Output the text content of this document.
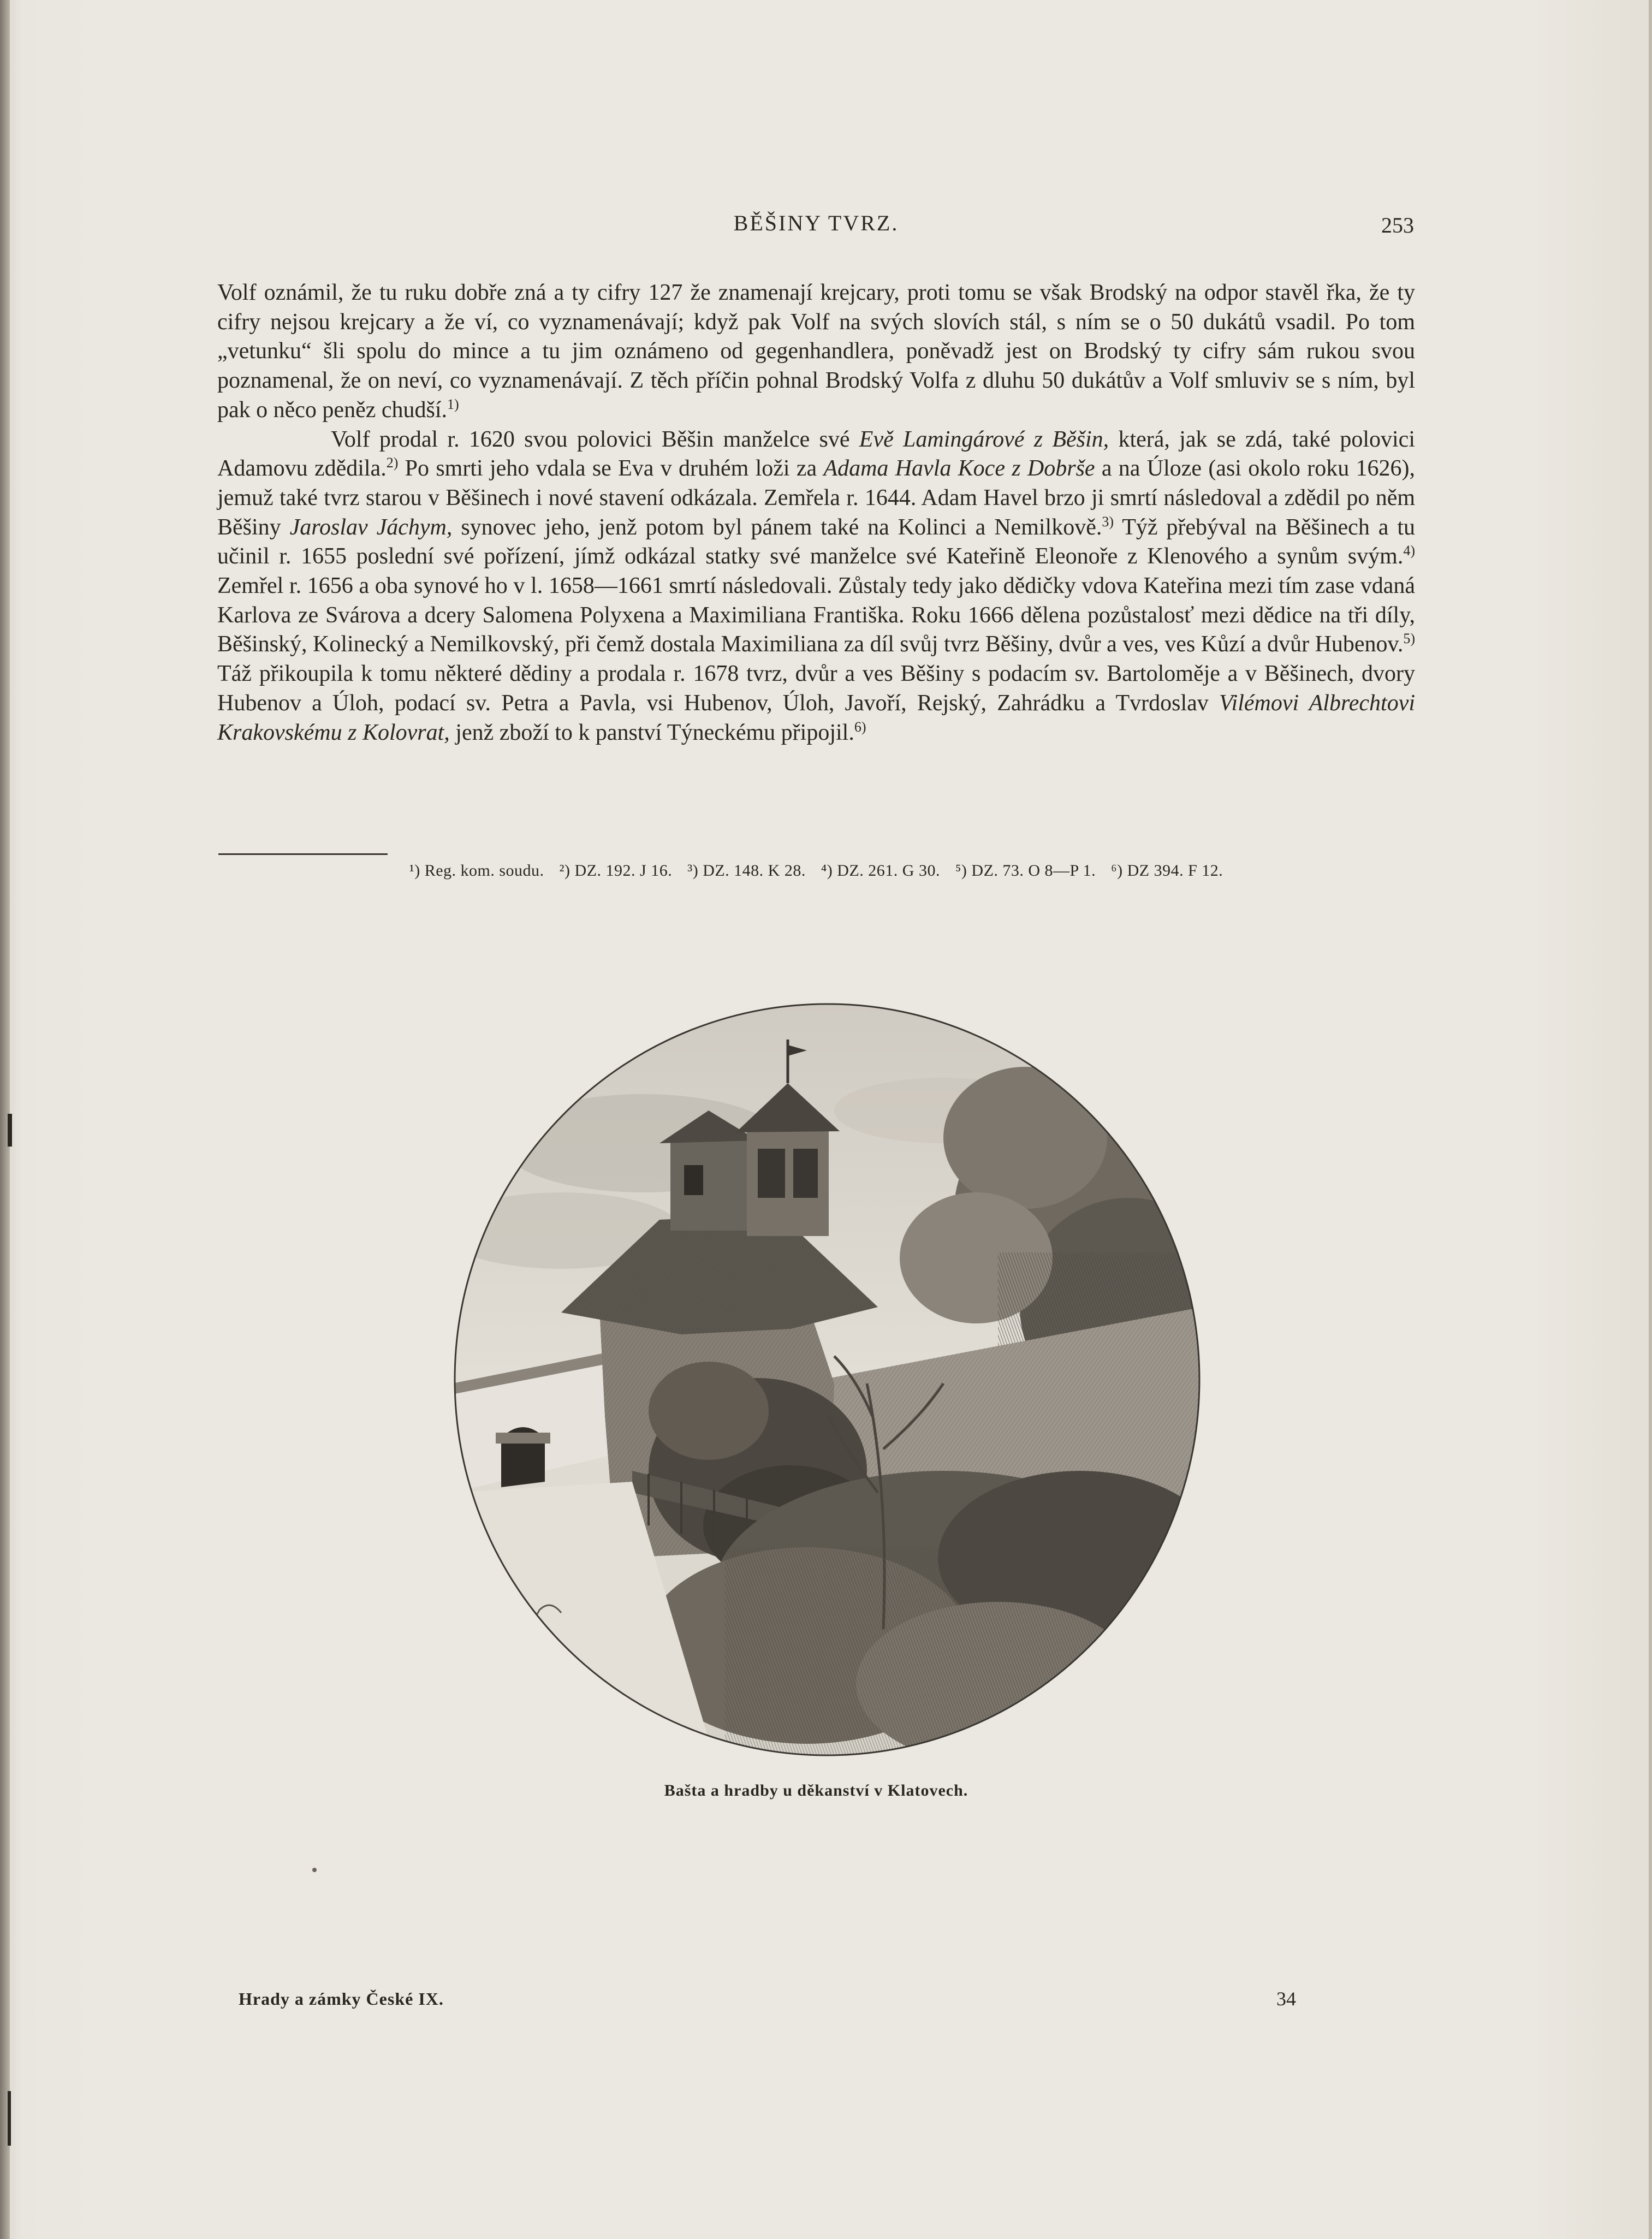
BĚŠINY TVRZ.	253

Volf oznámil, že tu ruku dobře zná a ty cifry 127 že znamenají krejcary, proti tomu se však Brodský na odpor stavěl řka, že ty cifry nejsou krejcary a že ví, co vyznamenávají; když pak Volf na svých slovích stál, s ním se o 50 dukátů vsadil. Po tom „vetunku“ šli spolu do mince a tu jim oznámeno od gegenhandlera, poněvadž jest on Brodský ty cifry sám rukou svou poznamenal, že on neví, co vyznamenávají. Z těch příčin pohnal Brodský Volfa z dluhu 50 dukátův a Volf smluviv se s ním, byl pak o něco peněz chudší.$^{1)}$

Volf prodal r. 1620 svou polovici Běšin manželce své Evě Lamingárové z Běšin, která, jak se zdá, také polovici Adamovu zdědila.$^{2)}$ Po smrti jeho vdala se Eva v druhém loži za Adama Havla Koce z Dobrše a na Úloze (asi okolo roku 1626), jemuž také tvrz starou v Běšinech i nové stavení odkázala. Zemřela r. 1644. Adam Havel brzo ji smrtí následoval a zdědil po něm Běšiny Jaroslav Jáchym, synovec jeho, jenž potom byl pánem také na Kolinci a Nemilkově.$^{3)}$ Týž přebýval na Běšinech a tu učinil r. 1655 poslední své pořízení, jímž odkázal statky své manželce své Kateřině Eleonoře z Klenového a synům svým.$^{4)}$ Zemřel r. 1656 a oba synové ho v l. 1658—1661 smrtí následovali. Zůstaly tedy jako dědičky vdova Kateřina mezi tím zase vdaná Karlova ze Svárova a dcery Salomena Polyxena a Maximiliana Františka. Roku 1666 dělena pozůstalosť mezi dědice na tři díly, Běšinský, Kolinecký a Nemilkovský, při čemž dostala Maximiliana za díl svůj tvrz Běšiny, dvůr a ves, ves Kůzí a dvůr Hubenov.$^{5)}$ Táž přikoupila k tomu některé dědiny a prodala r. 1678 tvrz, dvůr a ves Běšiny s podacím sv. Bartoloměje a v Běšinech, dvory Hubenov a Úloh, podací sv. Petra a Pavla, vsi Hubenov, Úloh, Javoří, Rejský, Zahrádku a Tvrdoslav Vilémovi Albrechtovi Krakovskému z Kolovrat, jenž zboží to k panství Týneckému připojil.$^{6)}$

¹) Reg. kom. soudu. ²) DZ. 192. J 16. ³) DZ. 148. K 28. ⁴) DZ. 261. G 30. ⁵) DZ. 73. O 8—P 1. ⁶) DZ 394. F 12.
Bašta a hradby u děkanství v Klatovech.
Hrady a zámky České IX.	34
